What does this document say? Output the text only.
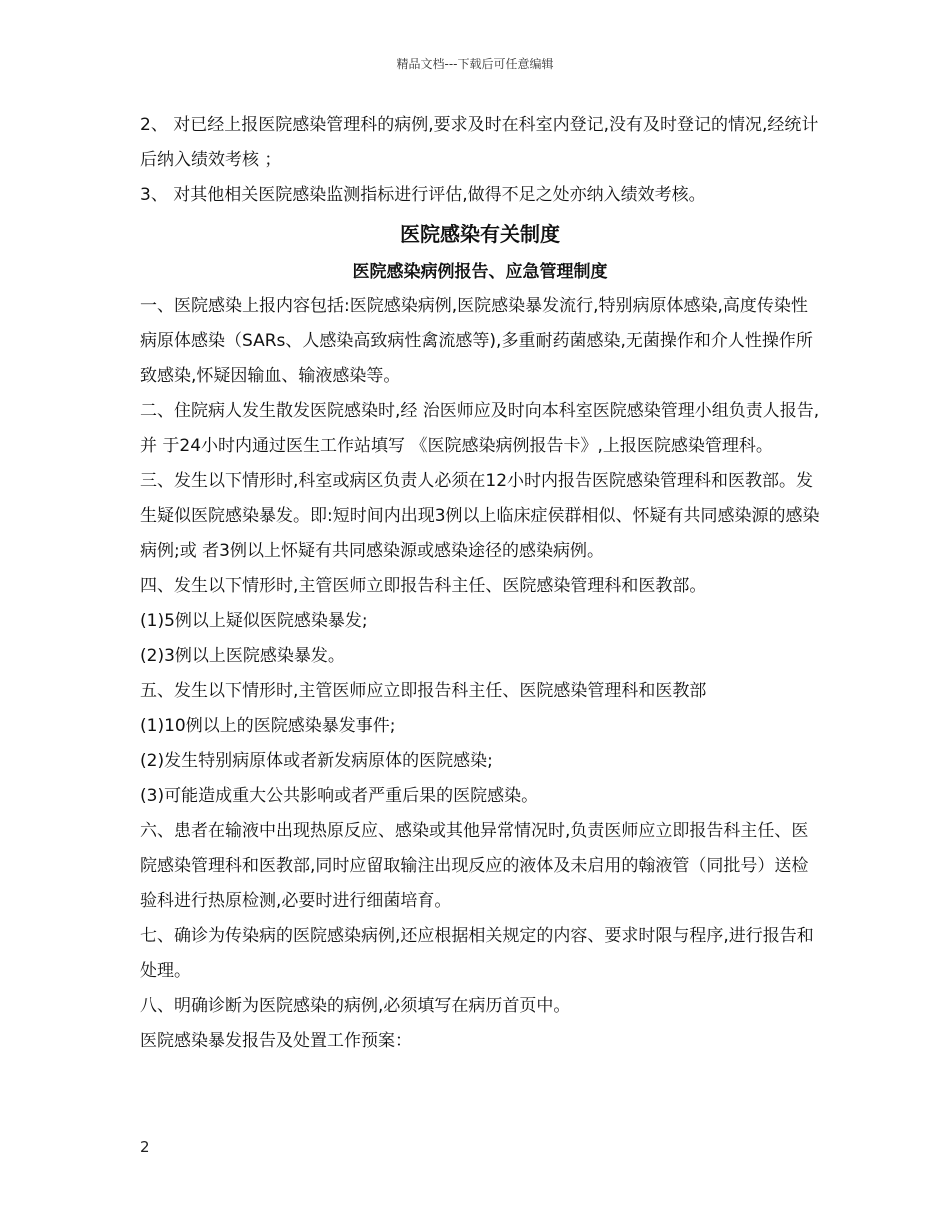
精品文档---下载后可任意编辑

2、 对已经上报医院感染管理科的病例,要求及时在科室内登记,没有及时登记的情况,经统计后纳入绩效考核 ；

3、 对其他相关医院感染监测指标进行评估,做得不足之处亦纳入绩效考核。

医院感染有关制度
医院感染病例报告、应急管理制度

一、医院感染上报内容包括:医院感染病例,医院感染暴发流行,特别病原体感染,高度传染性病原体感染（SARs、人感染高致病性禽流感等),多重耐药菌感染,无菌操作和介人性操作所致感染,怀疑因输血、输液感染等。

二、住院病人发生散发医院感染时,经 治医师应及时向本科室医院感染管理小组负责人报告,并 于24小时内通过医生工作站填写 《医院感染病例报告卡》,上报医院感染管理科。

三、发生以下情形时,科室或病区负责人必须在12小时内报告医院感染管理科和医教部。发生疑似医院感染暴发。即:短时间内出现3例以上临床症侯群相似、怀疑有共同感染源的感染病例;或 者3例以上怀疑有共同感染源或感染途径的感染病例。

四、发生以下情形时,主管医师立即报告科主任、医院感染管理科和医教部。

(1)5例以上疑似医院感染暴发;

(2)3例以上医院感染暴发。

五、发生以下情形时,主管医师应立即报告科主任、医院感染管理科和医教部

(1)10例以上的医院感染暴发事件;

(2)发生特别病原体或者新发病原体的医院感染;

(3)可能造成重大公共影响或者严重后果的医院感染。

六、患者在输液中出现热原反应、感染或其他异常情况时,负责医师应立即报告科主任、医院感染管理科和医教部,同时应留取输注出现反应的液体及未启用的翰液管（同批号）送检验科进行热原检测,必要时进行细菌培育。

七、确诊为传染病的医院感染病例,还应根据相关规定的内容、要求时限与程序,进行报告和处理。

八、明确诊断为医院感染的病例,必须填写在病历首页中。

医院感染暴发报告及处置工作预案：

2
